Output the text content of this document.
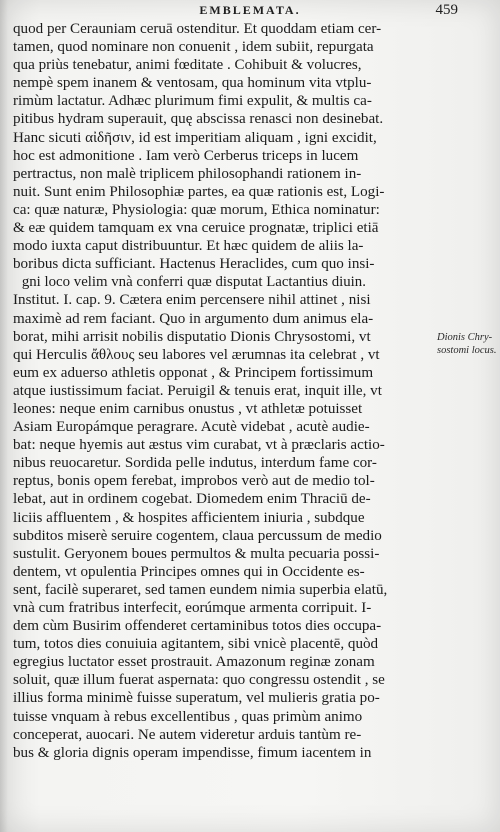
EMBLEMATA.	459
quod per Cerauniam ceruā ostenditur. Et quoddam etiam cer-
tamen, quod nominare non conuenit , idem subiit, repurgata
qua priùs tenebatur, animi fœditate . Cohibuit & volucres,
nempè spem inanem & ventosam, qua hominum vita vtplu-
rimùm lactatur. Adhæc plurimum fimi expulit, & multis ca-
pitibus hydram superauit, quę abscissa renasci non desinebat.
Hanc sicuti αἰδῆσιν, id est imperitiam aliquam , igni excidit,
hoc est admonitione . Iam verò Cerberus triceps in lucem
pertractus, non malè triplicem philosophandi rationem in-
nuit. Sunt enim Philosophiæ partes, ea quæ rationis est, Logi-
ca: quæ naturæ, Physiologia: quæ morum, Ethica nominatur:
& eæ quidem tamquam ex vna ceruice prognatæ, triplici etiā
modo iuxta caput distribuuntur. Et hæc quidem de aliis la-
boribus dicta sufficiant. Hactenus Heraclides, cum quo insi-
gni loco velim vnà conferri quæ disputat Lactantius diuin.
Institut. I. cap. 9. Cætera enim percensere nihil attinet , nisi
maximè ad rem faciant. Quo in argumento dum animus ela-
borat, mihi arrisit nobilis disputatio Dionis Chrysostomi, vt
qui Herculis ἄθλους seu labores vel ærumnas ita celebrat , vt
eum ex aduerso athletis opponat , & Principem fortissimum
atque iustissimum faciat. Peruigil & tenuis erat, inquit ille, vt
leones: neque enim carnibus onustus , vt athletæ potuisset
Asiam Europámque peragrare. Acutè videbat , acutè audie-
bat: neque hyemis aut æstus vim curabat, vt à præclaris actio-
nibus reuocaretur. Sordida pelle indutus, interdum fame cor-
reptus, bonis opem ferebat, improbos verò aut de medio tol-
lebat, aut in ordinem cogebat. Diomedem enim Thraciū de-
liciis affluentem , & hospites afficientem iniuria , subdque
subditos miserè seruire cogentem, claua percussum de medio
sustulit. Geryonem boues permultos & multa pecuaria possi-
dentem, vt opulentia Principes omnes qui in Occidente es-
sent, facilè superaret, sed tamen eundem nimia superbia elatū,
vnà cum fratribus interfecit, eorúmque armenta corripuit. I-
dem cùm Busirim offenderet certaminibus totos dies occupa-
tum, totos dies conuiuia agitantem, sibi vnicè placentē, quòd
egregius luctator esset prostrauit. Amazonum reginæ zonam
soluit, quæ illum fuerat aspernata: quo congressu ostendit , se
illius forma minimè fuisse superatum, vel mulieris gratia po-
tuisse vnquam à rebus excellentibus , quas primùm animo
conceperat, auocari. Ne autem videretur arduis tantùm re-
bus & gloria dignis operam impendisse, fimum iacentem in
Dionis Chry-
sostomi locus.
